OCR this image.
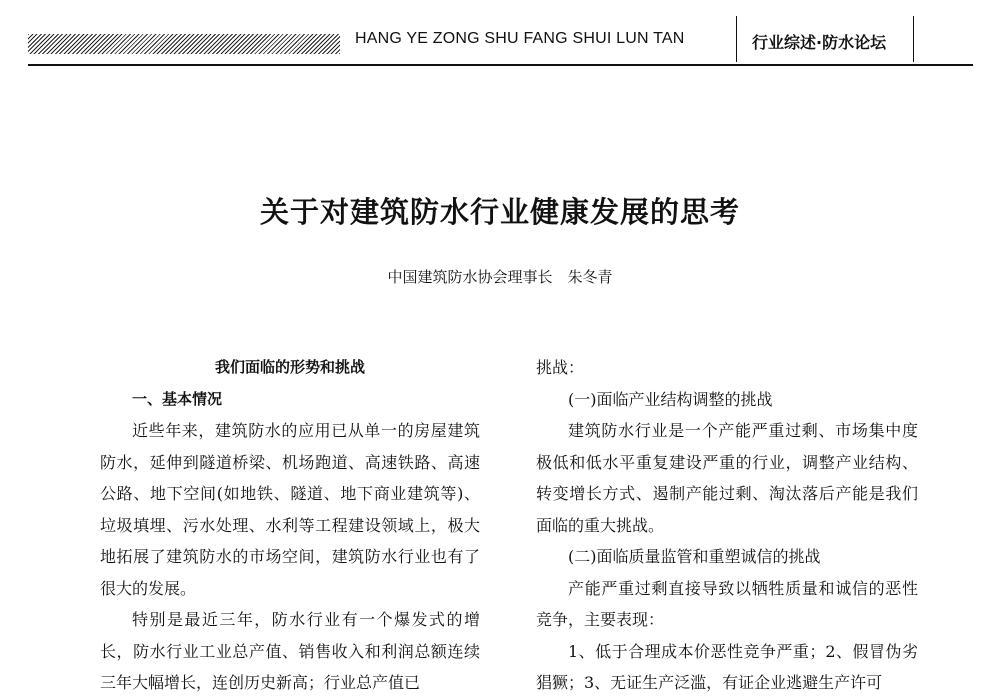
HANG YE ZONG SHU FANG SHUI LUN TAN	行业综述·防水论坛
关于对建筑防水行业健康发展的思考
中国建筑防水协会理事长　朱冬青
我们面临的形势和挑战
一、基本情况

近些年来，建筑防水的应用已从单一的房屋建筑防水，延伸到隧道桥梁、机场跑道、高速铁路、高速公路、地下空间(如地铁、隧道、地下商业建筑等)、垃圾填埋、污水处理、水利等工程建设领域上，极大地拓展了建筑防水的市场空间，建筑防水行业也有了很大的发展。

特别是最近三年，防水行业有一个爆发式的增长，防水行业工业总产值、销售收入和利润总额连续三年大幅增长，连创历史新高；行业总产值已

挑战：

(一)面临产业结构调整的挑战

建筑防水行业是一个产能严重过剩、市场集中度极低和低水平重复建设严重的行业，调整产业结构、转变增长方式、遏制产能过剩、淘汰落后产能是我们面临的重大挑战。

(二)面临质量监管和重塑诚信的挑战

产能严重过剩直接导致以牺牲质量和诚信的恶性竞争，主要表现：

1、低于合理成本价恶性竞争严重；2、假冒伪劣猖獗；3、无证生产泛滥，有证企业逃避生产许可
